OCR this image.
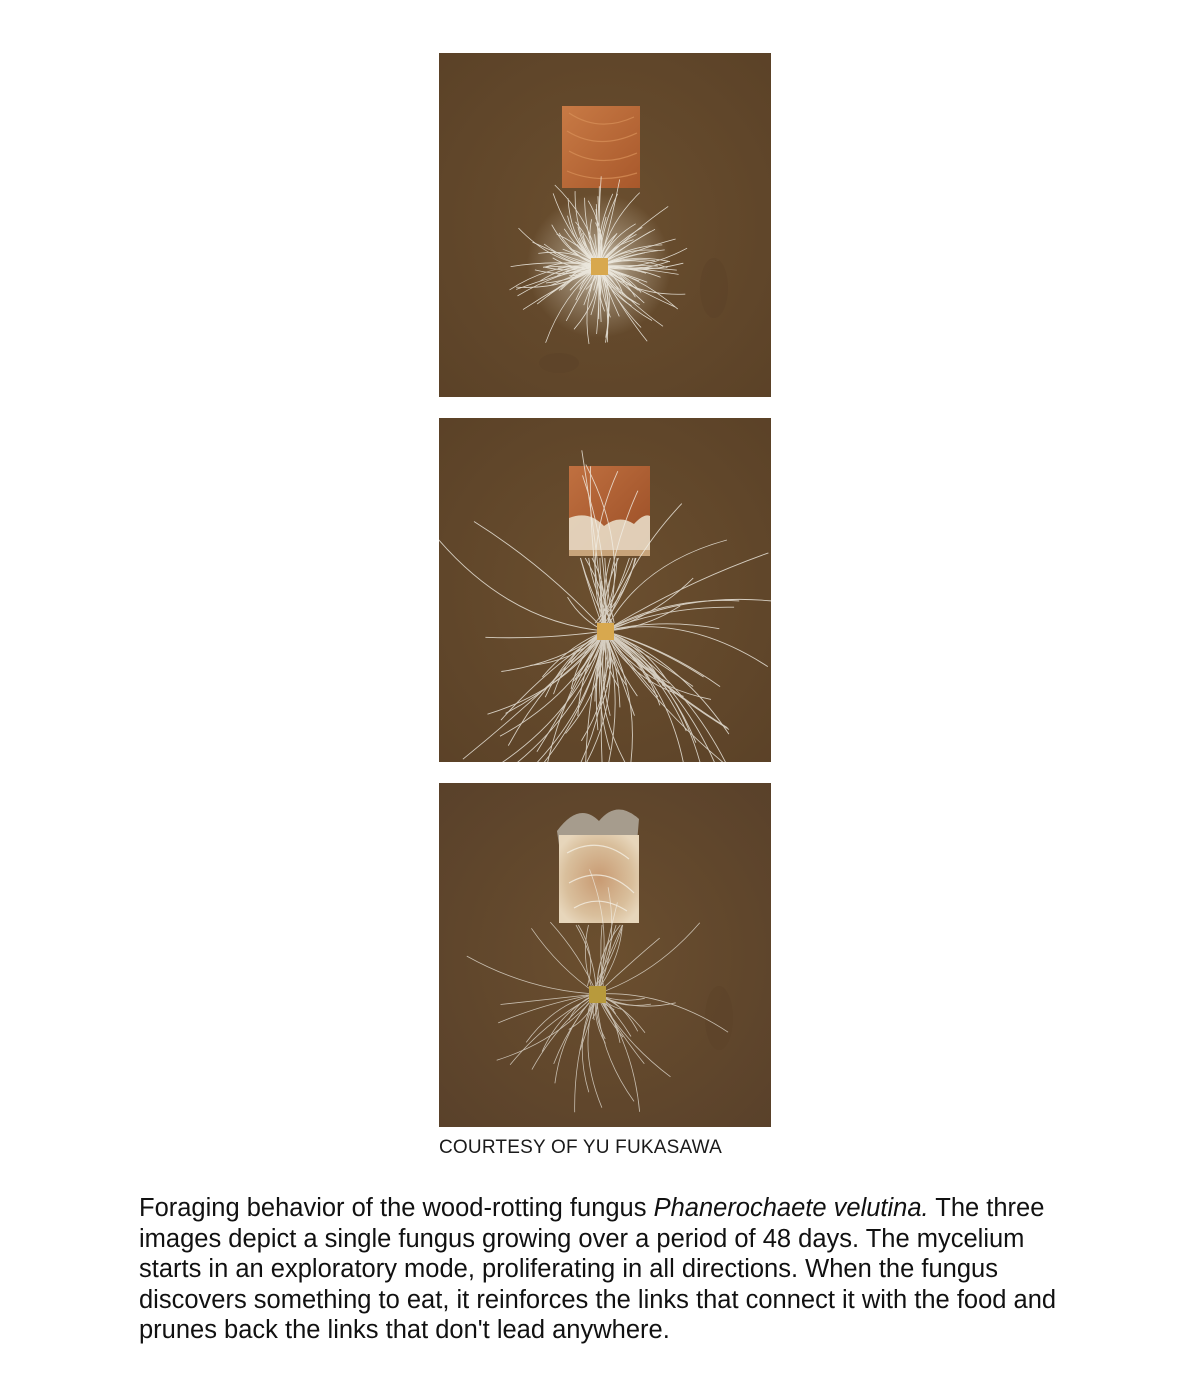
COURTESY OF YU FUKASAWA
Foraging behavior of the wood-rotting fungus Phanerochaete velutina. The three images depict a single fungus growing over a period of 48 days. The mycelium starts in an exploratory mode, proliferating in all directions. When the fungus discovers something to eat, it reinforces the links that connect it with the food and prunes back the links that don't lead anywhere.
